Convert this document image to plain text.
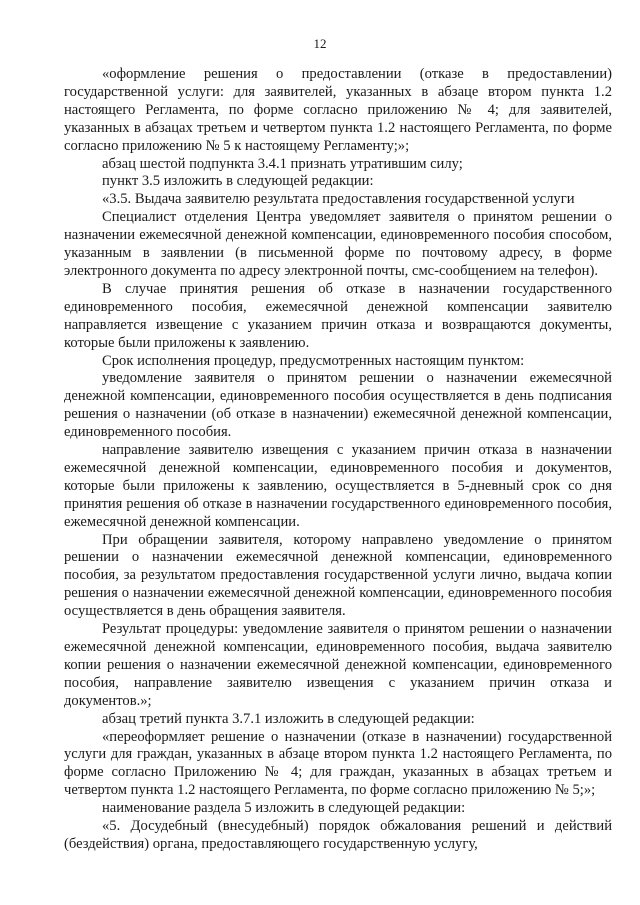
12

«оформление решения о предоставлении (отказе в предоставлении) государственной услуги: для заявителей, указанных в абзаце втором пункта 1.2 настоящего Регламента, по форме согласно приложению № 4; для заявителей, указанных в абзацах третьем и четвертом пункта 1.2 настоящего Регламента, по форме согласно приложению № 5 к настоящему Регламенту;»;

абзац шестой подпункта 3.4.1 признать утратившим силу;

пункт 3.5 изложить в следующей редакции:

«3.5. Выдача заявителю результата предоставления государственной услуги

Специалист отделения Центра уведомляет заявителя о принятом решении о назначении ежемесячной денежной компенсации, единовременного пособия способом, указанным в заявлении (в письменной форме по почтовому адресу, в форме электронного документа по адресу электронной почты, смс-сообщением на телефон).

В случае принятия решения об отказе в назначении государственного единовременного пособия, ежемесячной денежной компенсации заявителю направляется извещение с указанием причин отказа и возвращаются документы, которые были приложены к заявлению.

Срок исполнения процедур, предусмотренных настоящим пунктом:

уведомление заявителя о принятом решении о назначении ежемесячной денежной компенсации, единовременного пособия осуществляется в день подписания решения о назначении (об отказе в назначении) ежемесячной денежной компенсации, единовременного пособия.

направление заявителю извещения с указанием причин отказа в назначении ежемесячной денежной компенсации, единовременного пособия и документов, которые были приложены к заявлению, осуществляется в 5-дневный срок со дня принятия решения об отказе в назначении государственного единовременного пособия, ежемесячной денежной компенсации.

При обращении заявителя, которому направлено уведомление о принятом решении о назначении ежемесячной денежной компенсации, единовременного пособия, за результатом предоставления государственной услуги лично, выдача копии решения о назначении ежемесячной денежной компенсации, единовременного пособия осуществляется в день обращения заявителя.

Результат процедуры: уведомление заявителя о принятом решении о назначении ежемесячной денежной компенсации, единовременного пособия, выдача заявителю копии решения о назначении ежемесячной денежной компенсации, единовременного пособия, направление заявителю извещения с указанием причин отказа и документов.»;

абзац третий пункта 3.7.1 изложить в следующей редакции:

«переоформляет решение о назначении (отказе в назначении) государственной услуги для граждан, указанных в абзаце втором пункта 1.2 настоящего Регламента, по форме согласно Приложению № 4; для граждан, указанных в абзацах третьем и четвертом пункта 1.2 настоящего Регламента, по форме согласно приложению № 5;»;

наименование раздела 5 изложить в следующей редакции:

«5. Досудебный (внесудебный) порядок обжалования решений и действий (бездействия) органа, предоставляющего государственную услугу,
